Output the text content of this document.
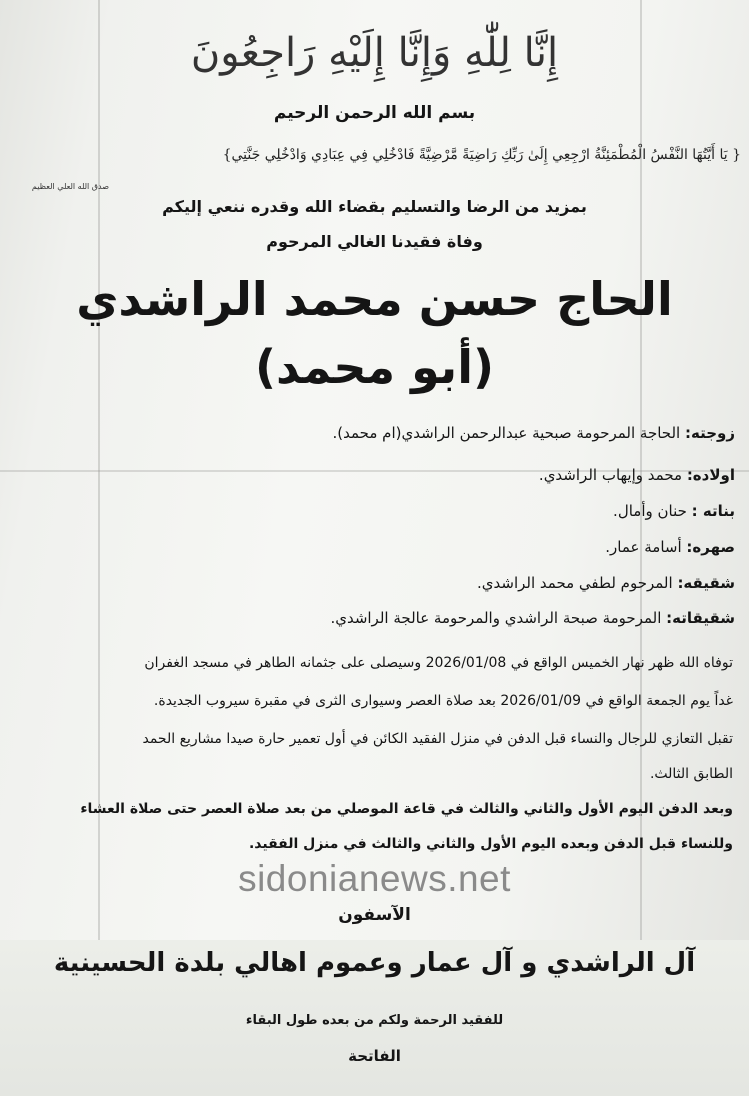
إِنَّا لِلّٰهِ وَإِنَّا إِلَيْهِ رَاجِعُونَ
بسم الله الرحمن الرحيم
{ يَا أَيَّتُهَا النَّفْسُ الْمُطْمَئِنَّةُ ارْجِعِي إِلَىٰ رَبِّكِ رَاضِيَةً مَّرْضِيَّةً فَادْخُلِي فِي عِبَادِي وَادْخُلِي جَنَّتِي}
صدق الله العلي العظيم
بمزيد من الرضا والتسليم بقضاء الله وقدره ننعي إليكم
وفاة فقيدنا الغالي المرحوم
الحاج حسن محمد الراشدي
(أبو محمد)
زوجته: الحاجة المرحومة صبحية عبدالرحمن الراشدي(ام محمد).
اولاده: محمد وإيهاب الراشدي.
بناته : حنان وأمال.
صهره: أسامة عمار.
شقيقه: المرحوم لطفي محمد الراشدي.
شقيقاته: المرحومة صبحة الراشدي والمرحومة عالجة الراشدي.
توفاه الله ظهر نهار الخميس الواقع في 2026/01/08 وسيصلى على جثمانه الطاهر في مسجد الغفران
غداً يوم الجمعة الواقع في 2026/01/09 بعد صلاة العصر وسيوارى الثرى في مقبرة سيروب الجديدة.
تقبل التعازي للرجال والنساء قبل الدفن في منزل الفقيد الكائن في أول تعمير حارة صيدا مشاريع الحمد
الطابق الثالث.
وبعد الدفن اليوم الأول والثاني والثالث في قاعة الموصلي من بعد صلاة العصر حتى صلاة العشاء
وللنساء قبل الدفن وبعده اليوم الأول والثاني والثالث في منزل الفقيد.
sidonianews.net
الآسفون
آل الراشدي و آل عمار وعموم اهالي بلدة الحسينية
للفقيد الرحمة ولكم من بعده طول البقاء
الفاتحة
